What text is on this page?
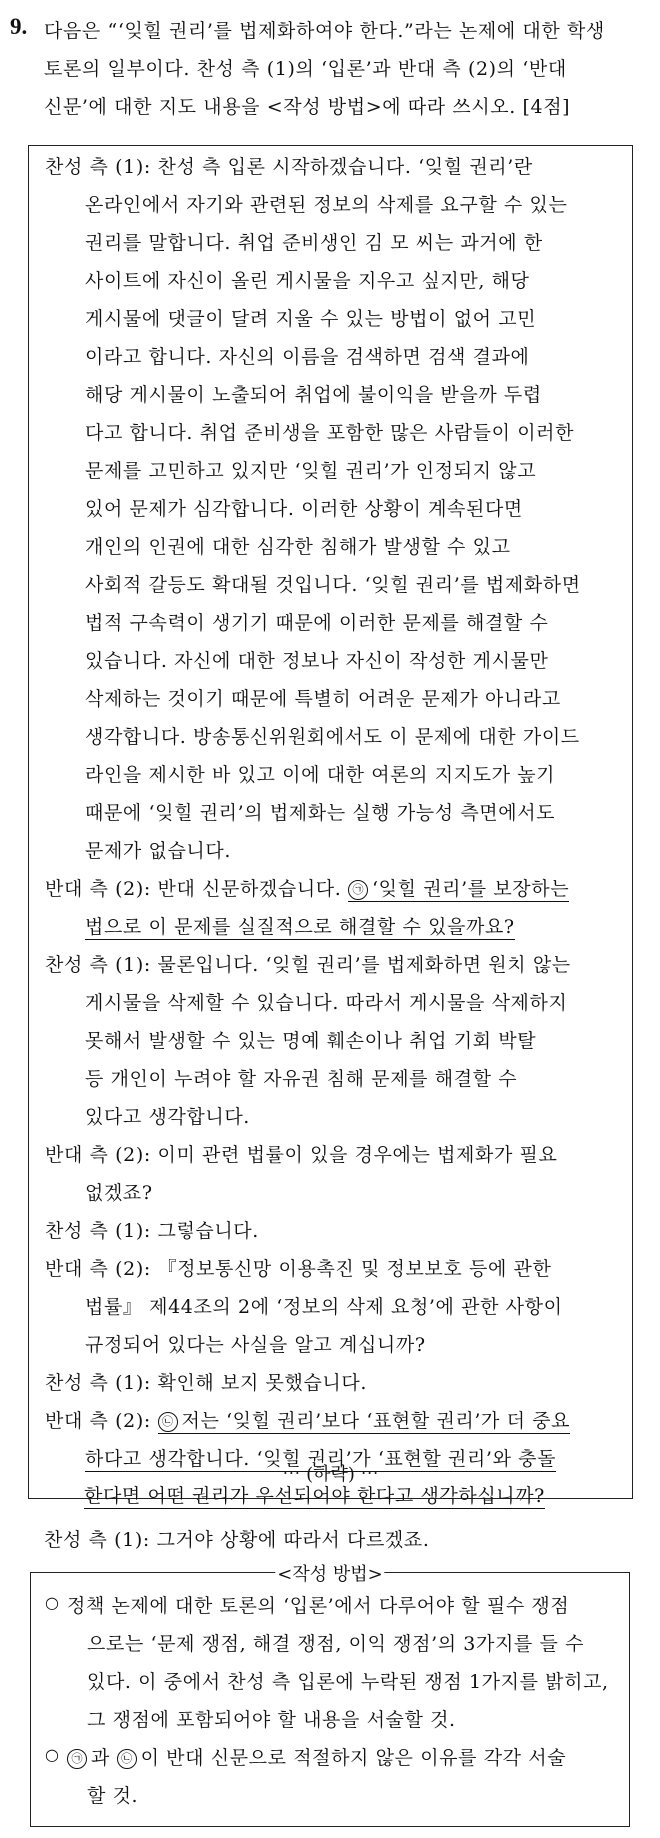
9. 다음은 “‘잊힐 권리’를 법제화하여야 한다.”라는 논제에 대한 학생
토론의 일부이다. 찬성 측 (1)의 ‘입론’과 반대 측 (2)의 ‘반대
신문’에 대한 지도 내용을 <작성 방법>에 따라 쓰시오. [4점]
찬성 측 (1): 찬성 측 입론 시작하겠습니다. ‘잊힐 권리’란
온라인에서 자기와 관련된 정보의 삭제를 요구할 수 있는
권리를 말합니다. 취업 준비생인 김 모 씨는 과거에 한
사이트에 자신이 올린 게시물을 지우고 싶지만, 해당
게시물에 댓글이 달려 지울 수 있는 방법이 없어 고민
이라고 합니다. 자신의 이름을 검색하면 검색 결과에
해당 게시물이 노출되어 취업에 불이익을 받을까 두렵
다고 합니다. 취업 준비생을 포함한 많은 사람들이 이러한
문제를 고민하고 있지만 ‘잊힐 권리’가 인정되지 않고
있어 문제가 심각합니다. 이러한 상황이 계속된다면
개인의 인권에 대한 심각한 침해가 발생할 수 있고
사회적 갈등도 확대될 것입니다. ‘잊힐 권리’를 법제화하면
법적 구속력이 생기기 때문에 이러한 문제를 해결할 수
있습니다. 자신에 대한 정보나 자신이 작성한 게시물만
삭제하는 것이기 때문에 특별히 어려운 문제가 아니라고
생각합니다. 방송통신위원회에서도 이 문제에 대한 가이드
라인을 제시한 바 있고 이에 대한 여론의 지지도가 높기
때문에 ‘잊힐 권리’의 법제화는 실행 가능성 측면에서도
문제가 없습니다.
반대 측 (2): 반대 신문하겠습니다. ㉠ ‘잊힐 권리’를 보장하는
법으로 이 문제를 실질적으로 해결할 수 있을까요?
찬성 측 (1): 물론입니다. ‘잊힐 권리’를 법제화하면 원치 않는
게시물을 삭제할 수 있습니다. 따라서 게시물을 삭제하지
못해서 발생할 수 있는 명예 훼손이나 취업 기회 박탈
등 개인이 누려야 할 자유권 침해 문제를 해결할 수
있다고 생각합니다.
반대 측 (2): 이미 관련 법률이 있을 경우에는 법제화가 필요
없겠죠?
찬성 측 (1): 그렇습니다.
반대 측 (2): 『정보통신망 이용촉진 및 정보보호 등에 관한
법률』 제44조의 2에 ‘정보의 삭제 요청’에 관한 사항이
규정되어 있다는 사실을 알고 계십니까?
찬성 측 (1): 확인해 보지 못했습니다.
반대 측 (2): ㉡ 저는 ‘잊힐 권리’보다 ‘표현할 권리’가 더 중요
하다고 생각합니다. ‘잊힐 권리’가 ‘표현할 권리’와 충돌
한다면 어떤 권리가 우선되어야 한다고 생각하십니까?
찬성 측 (1): 그거야 상황에 따라서 다르겠죠.
⋯ (하략) ⋯
<작성 방법>
○ 정책 논제에 대한 토론의 ‘입론’에서 다루어야 할 필수 쟁점
으로는 ‘문제 쟁점, 해결 쟁점, 이익 쟁점’의 3가지를 들 수
있다. 이 중에서 찬성 측 입론에 누락된 쟁점 1가지를 밝히고,
그 쟁점에 포함되어야 할 내용을 서술할 것.
○	㉠ 과 ㉡ 이 반대 신문으로 적절하지 않은 이유를 각각 서술
할 것.
